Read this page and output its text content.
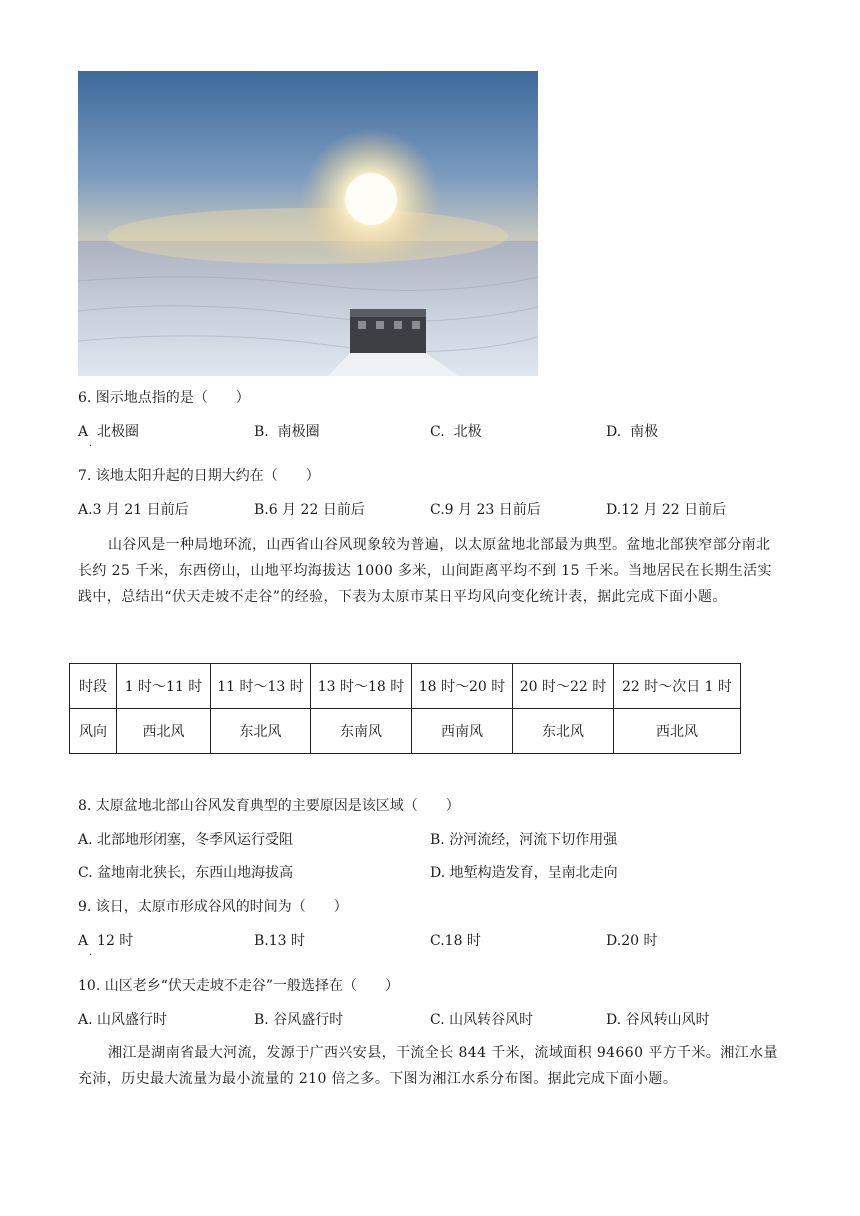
6. 图示地点指的是（　　）
A 北极圈
·
B. 南极圈	C. 北极	D. 南极
7. 该地太阳升起的日期大约在（　　）
A.3 月 21 日前后	B.6 月 22 日前后	C.9 月 23 日前后	D.12 月 22 日前后
山谷风是一种局地环流，山西省山谷风现象较为普遍，以太原盆地北部最为典型。盆地北部狭窄部分南北长约 25 千米，东西傍山，山地平均海拔达 1000 多米，山间距离平均不到 15 千米。当地居民在长期生活实践中，总结出“伏天走坡不走谷”的经验，下表为太原市某日平均风向变化统计表，据此完成下面小题。
时段	1 时～11 时	11 时～13 时	13 时～18 时	18 时～20 时	20 时～22 时	22 时～次日 1 时
风向	西北风	东北风	东南风	西南风	东北风	西北风
8. 太原盆地北部山谷风发育典型的主要原因是该区域（　　）
A. 北部地形闭塞，冬季风运行受阻	B. 汾河流经，河流下切作用强
C. 盆地南北狭长，东西山地海拔高	D. 地堑构造发育，呈南北走向
9. 该日，太原市形成谷风的时间为（　　）
A 12 时
·
B.13 时	C.18 时	D.20 时
10. 山区老乡“伏天走坡不走谷”一般选择在（　　）
A. 山风盛行时	B. 谷风盛行时	C. 山风转谷风时	D. 谷风转山风时
湘江是湖南省最大河流，发源于广西兴安县，干流全长 844 千米，流域面积 94660 平方千米。湘江水量充沛，历史最大流量为最小流量的 210 倍之多。下图为湘江水系分布图。据此完成下面小题。
